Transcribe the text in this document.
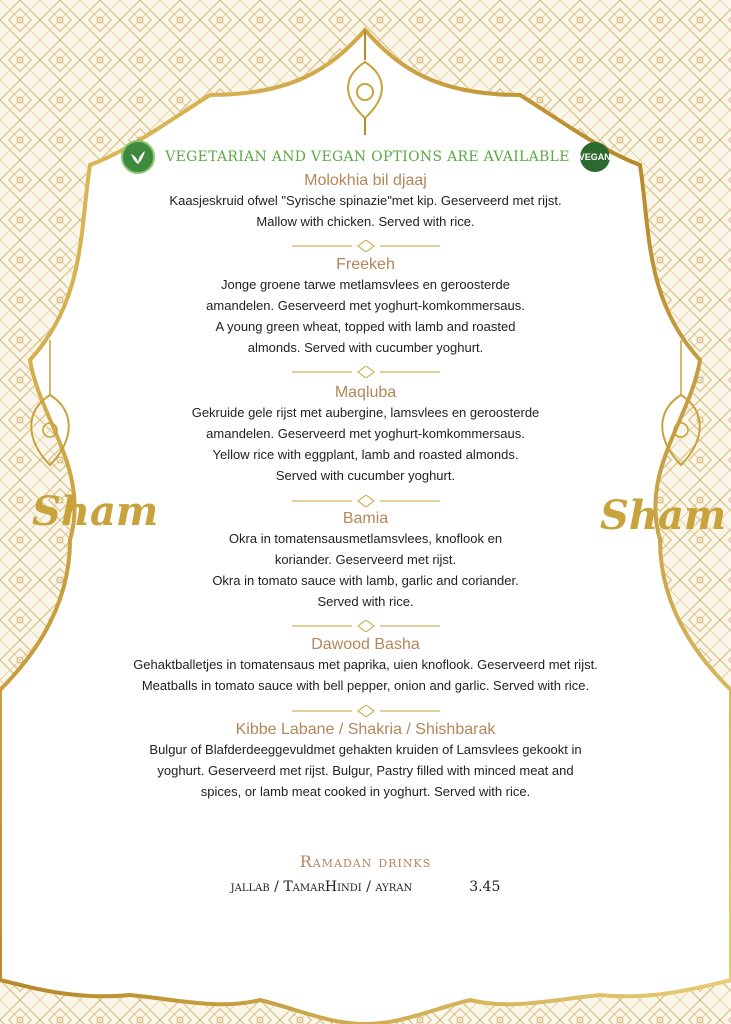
VEGETARIAN AND VEGAN OPTIONS ARE AVAILABLE VEGAN

Molokhia bil djaaj

Kaasjeskruid ofwel "Syrische spinazie"met kip. Geserveerd met rijst.

Mallow with chicken. Served with rice.

Freekeh

Jonge groene tarwe metlamsvlees en geroosterde

amandelen. Geserveerd met yoghurt-komkommersaus.

A young green wheat, topped with lamb and roasted

almonds. Served with cucumber yoghurt.

Maqluba

Gekruide gele rijst met aubergine, lamsvlees en geroosterde

amandelen. Geserveerd met yoghurt-komkommersaus.

Yellow rice with eggplant, lamb and roasted almonds.

Served with cucumber yoghurt.

Bamia

Okra in tomatensausmetlamsvlees, knoflook en

koriander. Geserveerd met rijst.

Okra in tomato sauce with lamb, garlic and coriander.

Served with rice.

Dawood Basha

Gehaktballetjes in tomatensaus met paprika, uien knoflook. Geserveerd met rijst.

Meatballs in tomato sauce with bell pepper, onion and garlic. Served with rice.

Kibbe Labane / Shakria / Shishbarak

Bulgur of Blafderdeeggevuldmet gehakten kruiden of Lamsvlees gekookt in

yoghurt. Geserveerd met rijst. Bulgur, Pastry filled with minced meat and

spices, or lamb meat cooked in yoghurt. Served with rice.

Ramadan drinks
jallab / TamarHindi / ayran	3.45
Sham	Sham
